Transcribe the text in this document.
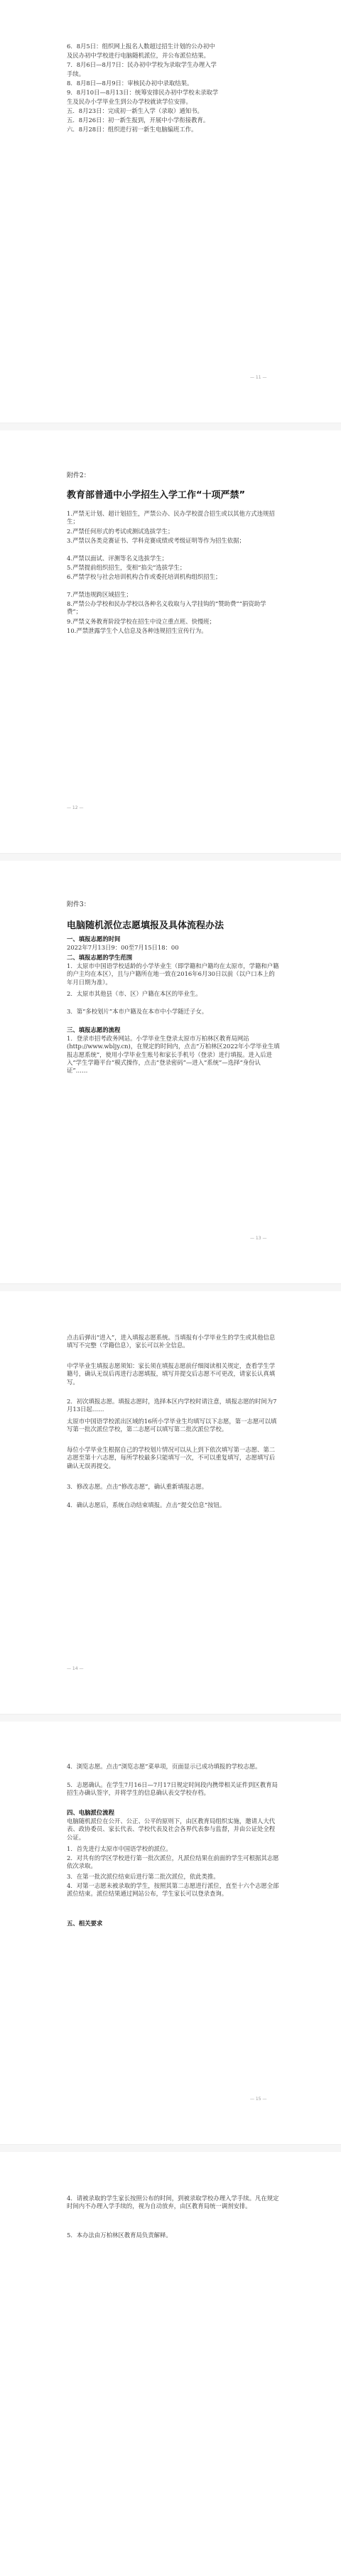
6．8月5日：组织网上报名人数超过招生计划的公办初中
及民办初中学校进行电脑随机派位，并公布派位结果。
7．8月6日—8月7日：民办初中学校为录取学生办理入学
手续。
8．8月8日—8月9日：审核民办初中录取结果。
9．8月10日—8月13日：统筹安排民办初中学校未录取学
生及民办小学毕业生到公办学校就读学位安排。
五．8月23日：完成初一新生入学（录取）通知书。
五．8月26日：初一新生报到，开展中小学衔接教育。
六．8月28日：组织进行初一新生电脑编班工作。
— 11 —
附件2：
教育部普通中小学招生入学工作“十项严禁”
1.严禁无计划、超计划招生，严禁公办、民办学校混合招生或以其他方式违规招生；
2.严禁任何形式的考试或测试选拔学生；
3.严禁以各类竞赛证书、学科竞赛成绩或考级证明等作为招生依据；
4.严禁以面试、评测等名义选拔学生；
5.严禁提前组织招生，变相“掐尖”选拔学生；
6.严禁学校与社会培训机构合作或委托培训机构组织招生；
7.严禁违规跨区域招生；
8.严禁公办学校和民办学校以各种名义收取与入学挂钩的“赞助费”“捐资助学费”；
9.严禁义务教育阶段学校在招生中设立重点班、快慢班；
10.严禁泄露学生个人信息及各种违规招生宣传行为。
— 12 —
附件3：
电脑随机派位志愿填报及具体流程办法
一、填报志愿的时间
2022年7月13日9：00至7月15日18：00
二、填报志愿的学生范围
1．太原市中国语学校适龄的小学毕业生（即学籍和户籍均在太原市，学籍和户籍的户主均在本区），且与户籍所在地一致在2016年6月30日以前（以户口本上的年月日期为准）。
2．太原市其他县（市、区）户籍在本区的毕业生。
3．第“多校划片”本市户籍及在本市中小学随迁子女。
三、填报志愿的流程
1．登录市招考政务网站。小学毕业生登录太原市万柏林区教育局网站(http://www.wbljy.cn)，在规定的时间内，点击“万柏林区2022年小学毕业生填报志愿系统”，使用小学毕业生账号和家长手机号（登录）进行填报。进入后进入“学生学籍平台”模式操作，点击“登录密码”—进入“系统”—选择“身份认证”……
— 13 —
点击后弹出“进入”，进入填报志愿系统。当填报有小学毕业生的学生或其他信息填写不完整（学籍信息），家长可以补全信息。
中学毕业生填报志愿须知：家长须在填报志愿前仔细阅读相关规定，查看学生学籍号，确认无误后再进行志愿填报，填写并提交后志愿不可更改，请家长认真填写。
2．初次填报志愿。填报志愿时，选择本区内学校时请注意，填报志愿的时间为7月13日起……
太原市中国语学校派出区域的16所小学毕业生均填写以下志愿，第一志愿可以填写第一批次派位学校，第二志愿可以填写第二批次派位学校。
每位小学毕业生根据自己的学校划片情况可以从上到下依次填写第一志愿、第二志愿至第十六志愿，每所学校最多只能填写一次，不可以重复填写，志愿填写后确认无误再提交。
3．修改志愿。点击“修改志愿”，确认重新填报志愿。
4．确认志愿后，系统自动结束填报。点击“提交信息”按钮。
— 14 —
4．浏览志愿。点击“浏览志愿”菜单项，页面显示已成功填报的学校志愿。
5．志愿确认。在学生7月16日—7月17日规定时间段内携带相关证件到区教育局招生办确认签字，并将学生的信息确认表交学校存档。
四、电脑派位流程
电脑随机派位在公开、公正、公平的原则下，由区教育局组织实施，邀请人大代表、政协委员、家长代表、学校代表及社会各界代表参与监督，并由公证处全程公证。
1．首先进行太原市中国语学校的派位。
2．对共有的学区学校进行第一批次派位，凡派位结果在前面的学生可根据其志愿依次录取。
3．在第一批次派位结束后进行第二批次派位，依此类推。
4．对第一志愿未被录取的学生，按照其第二志愿进行派位，直至十六个志愿全部派位结束。派位结果通过网站公布，学生家长可以登录查询。
五、相关要求
— 15 —
4．请被录取的学生家长按照公布的时间，到被录取学校办理入学手续。凡在规定时间内不办理入学手续的，视为自动放弃，由区教育局统一调剂安排。
5．本办法由万柏林区教育局负责解释。
